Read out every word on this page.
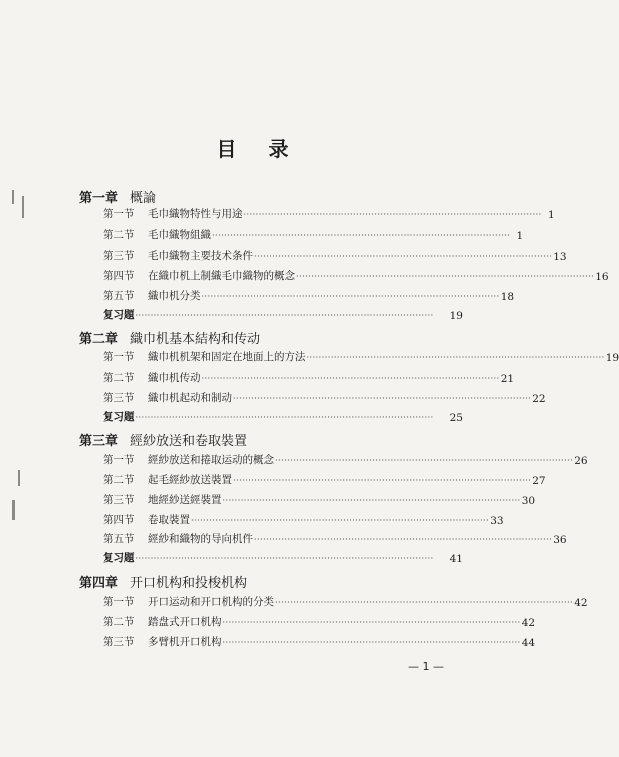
目 录
第一章 概論
第一节	毛巾織物特性与用途 ·································································································· 1
第二节	毛巾織物組織 ·································································································· 1
第三节	毛巾織物主要技术条件 ·································································································· 13
第四节	在織巾机上制織毛巾織物的概念 ·································································································· 16
第五节	織巾机分类 ·································································································· 18
复习題 ··································································································	19
第二章 織巾机基本結构和传动
第一节	織巾机机架和固定在地面上的方法 ·································································································· 19
第二节	織巾机传动 ·································································································· 21
第三节	織巾机起动和制动 ·································································································· 22
复习題 ··································································································	25
第三章 經紗放送和卷取裝置
第一节	經紗放送和捲取运动的概念 ·································································································· 26
第二节	起毛經紗放送裝置 ·································································································· 27
第三节	地經紗送經裝置 ·································································································· 30
第四节	卷取裝置 ·································································································· 33
第五节	經紗和織物的导向机件 ·································································································· 36
复习題 ··································································································	41
第四章 开口机构和投梭机构
第一节	开口运动和开口机构的分类 ·································································································· 42
第二节	踏盘式开口机构 ·································································································· 42
第三节	多臂机开口机构 ·································································································· 44
— 1 —
